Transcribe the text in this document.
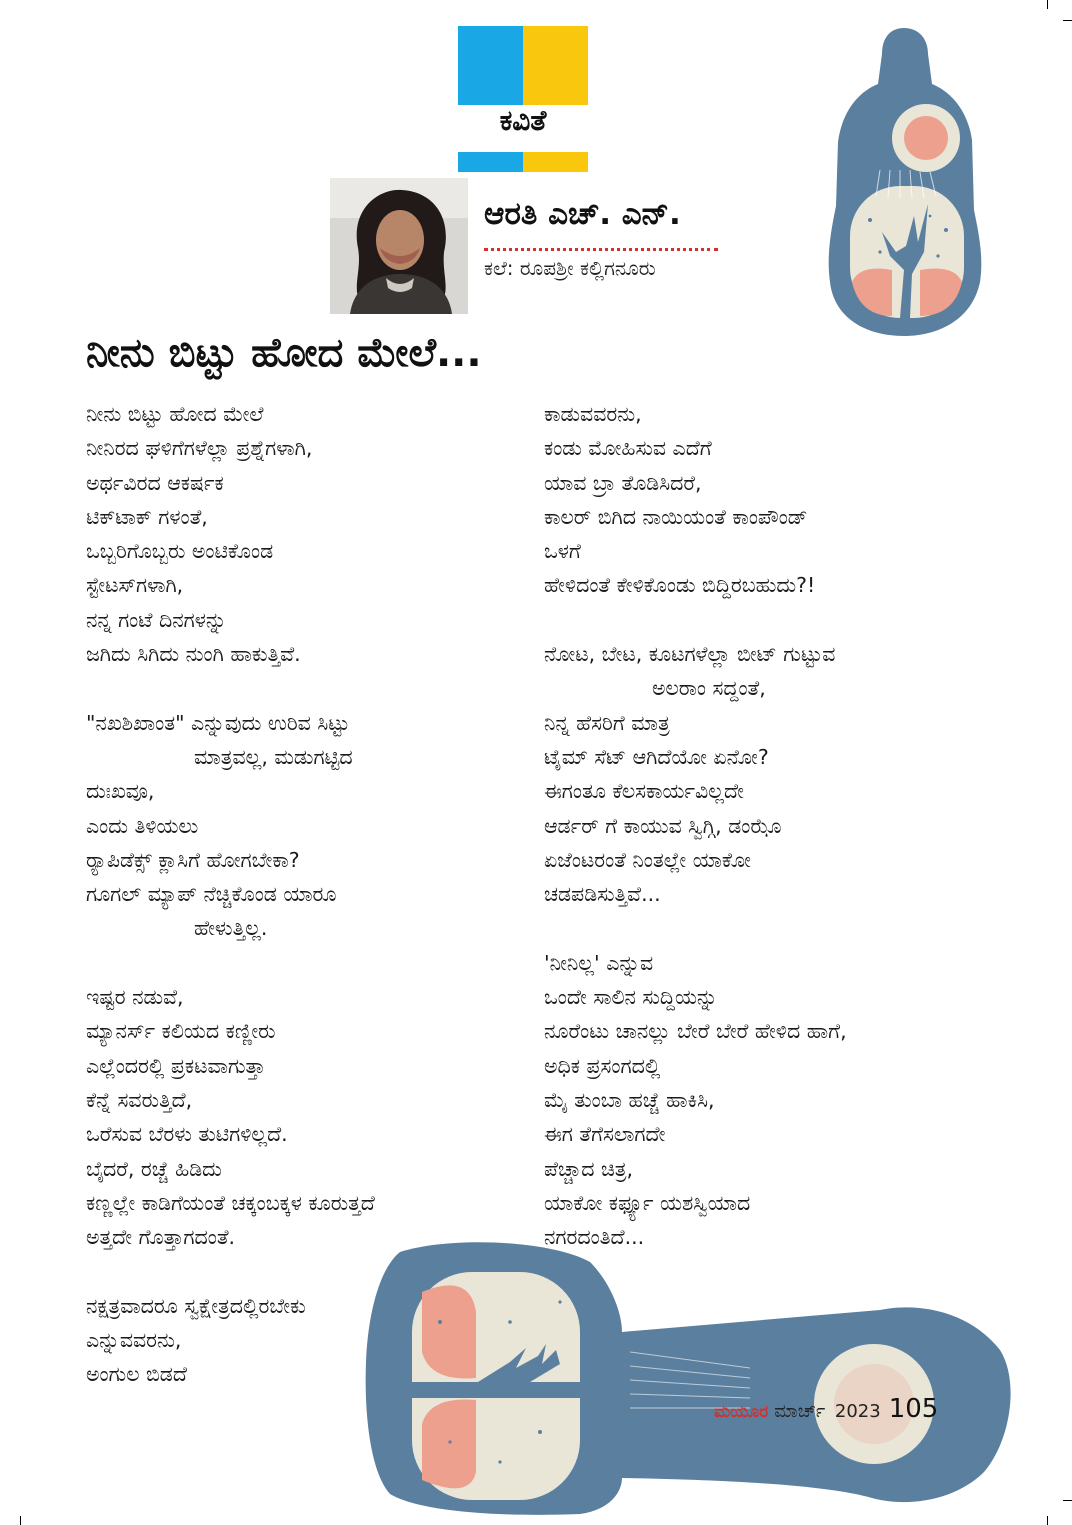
ಕವಿತೆ
ಆರತಿ ಎಚ್‌. ಎನ್‌.
ಕಲೆ: ರೂಪಶ್ರೀ ಕಲ್ಲಿಗನೂರು
ನೀನು ಬಿಟ್ಟು ಹೋದ ಮೇಲೆ...
ನೀನು ಬಿಟ್ಟು ಹೋದ ಮೇಲೆ
ನೀನಿರದ ಘಳಿಗೆಗಳೆಲ್ಲಾ ಪ್ರಶ್ನೆಗಳಾಗಿ,
ಅರ್ಥವಿರದ ಆಕರ್ಷಕ
ಟಿಕ್‌ಟಾಕ್‌ ಗಳಂತೆ,
ಒಬ್ಬರಿಗೊಬ್ಬರು ಅಂಟಿಕೊಂಡ
ಸ್ಟೇಟಸ್‌ಗಳಾಗಿ,
ನನ್ನ ಗಂಟೆ ದಿನಗಳನ್ನು
ಜಗಿದು ಸಿಗಿದು ನುಂಗಿ ಹಾಕುತ್ತಿವೆ.
"ನಖಶಿಖಾಂತ" ಎನ್ನುವುದು ಉರಿವ ಸಿಟ್ಟು
ಮಾತ್ರವಲ್ಲ, ಮಡುಗಟ್ಟಿದ
ದುಃಖವೂ,
ಎಂದು ತಿಳಿಯಲು
ರ‍್ಯಾಪಿಡೆಕ್ಸ್‌ ಕ್ಲಾಸಿಗೆ ಹೋಗಬೇಕಾ?
ಗೂಗಲ್‌ ಮ್ಯಾಪ್‌ ನೆಚ್ಚಿಕೊಂಡ ಯಾರೂ
ಹೇಳುತ್ತಿಲ್ಲ.
ಇಷ್ಟರ ನಡುವೆ,
ಮ್ಯಾನರ್ಸ್‌ ಕಲಿಯದ ಕಣ್ಣೀರು
ಎಲ್ಲೆಂದರಲ್ಲಿ ಪ್ರಕಟವಾಗುತ್ತಾ
ಕೆನ್ನೆ ಸವರುತ್ತಿದೆ,
ಒರೆಸುವ ಬೆರಳು ತುಟಿಗಳಿಲ್ಲದೆ.
ಬೈದರೆ, ರಚ್ಚೆ ಹಿಡಿದು
ಕಣ್ಣಲ್ಲೇ ಕಾಡಿಗೆಯಂತೆ ಚಕ್ಕಂಬಕ್ಕಳ ಕೂರುತ್ತದೆ
ಅತ್ತದೇ ಗೊತ್ತಾಗದಂತೆ.
ನಕ್ಷತ್ರವಾದರೂ ಸ್ವಕ್ಷೇತ್ರದಲ್ಲಿರಬೇಕು
ಎನ್ನುವವರನು,
ಅಂಗುಲ ಬಿಡದೆ
ಕಾಡುವವರನು,
ಕಂಡು ಮೋಹಿಸುವ ಎದೆಗೆ
ಯಾವ ಬ್ರಾ ತೊಡಿಸಿದರೆ,
ಕಾಲರ್‌ ಬಿಗಿದ ನಾಯಿಯಂತೆ ಕಾಂಪೌಂಡ್‌
ಒಳಗೆ
ಹೇಳಿದಂತೆ ಕೇಳಿಕೊಂಡು ಬಿದ್ದಿರಬಹುದು?!
ನೋಟ, ಬೇಟ, ಕೂಟಗಳೆಲ್ಲಾ ಬೀಟ್‌ ಗುಟ್ಟುವ
ಅಲರಾಂ ಸದ್ದಂತೆ,
ನಿನ್ನ ಹೆಸರಿಗೆ ಮಾತ್ರ
ಟೈಮ್‌ ಸೆಟ್‌ ಆಗಿದೆಯೋ ಏನೋ?
ಈಗಂತೂ ಕೆಲಸಕಾರ್ಯವಿಲ್ಲದೇ
ಆರ್ಡರ್‌ ಗೆ ಕಾಯುವ ಸ್ವಿಗ್ಗಿ, ಡಂಝೊ
ಏಜೆಂಟರಂತೆ ನಿಂತಲ್ಲೇ ಯಾಕೋ
ಚಡಪಡಿಸುತ್ತಿವೆ...
'ನೀನಿಲ್ಲ' ಎನ್ನುವ
ಒಂದೇ ಸಾಲಿನ ಸುದ್ದಿಯನ್ನು
ನೂರೆಂಟು ಚಾನಲ್ಲು ಬೇರೆ ಬೇರೆ ಹೇಳಿದ ಹಾಗೆ,
ಅಧಿಕ ಪ್ರಸಂಗದಲ್ಲಿ
ಮೈ ತುಂಬಾ ಹಚ್ಚೆ ಹಾಕಿಸಿ,
ಈಗ ತೆಗೆಸಲಾಗದೇ
ಪೆಚ್ಚಾದ ಚಿತ್ರ,
ಯಾಕೋ ಕರ್ಫ್ಯೂ ಯಶಸ್ವಿಯಾದ
ನಗರದಂತಿದೆ...
ಮಯೂರ ಮಾರ್ಚ್ 2023 105
